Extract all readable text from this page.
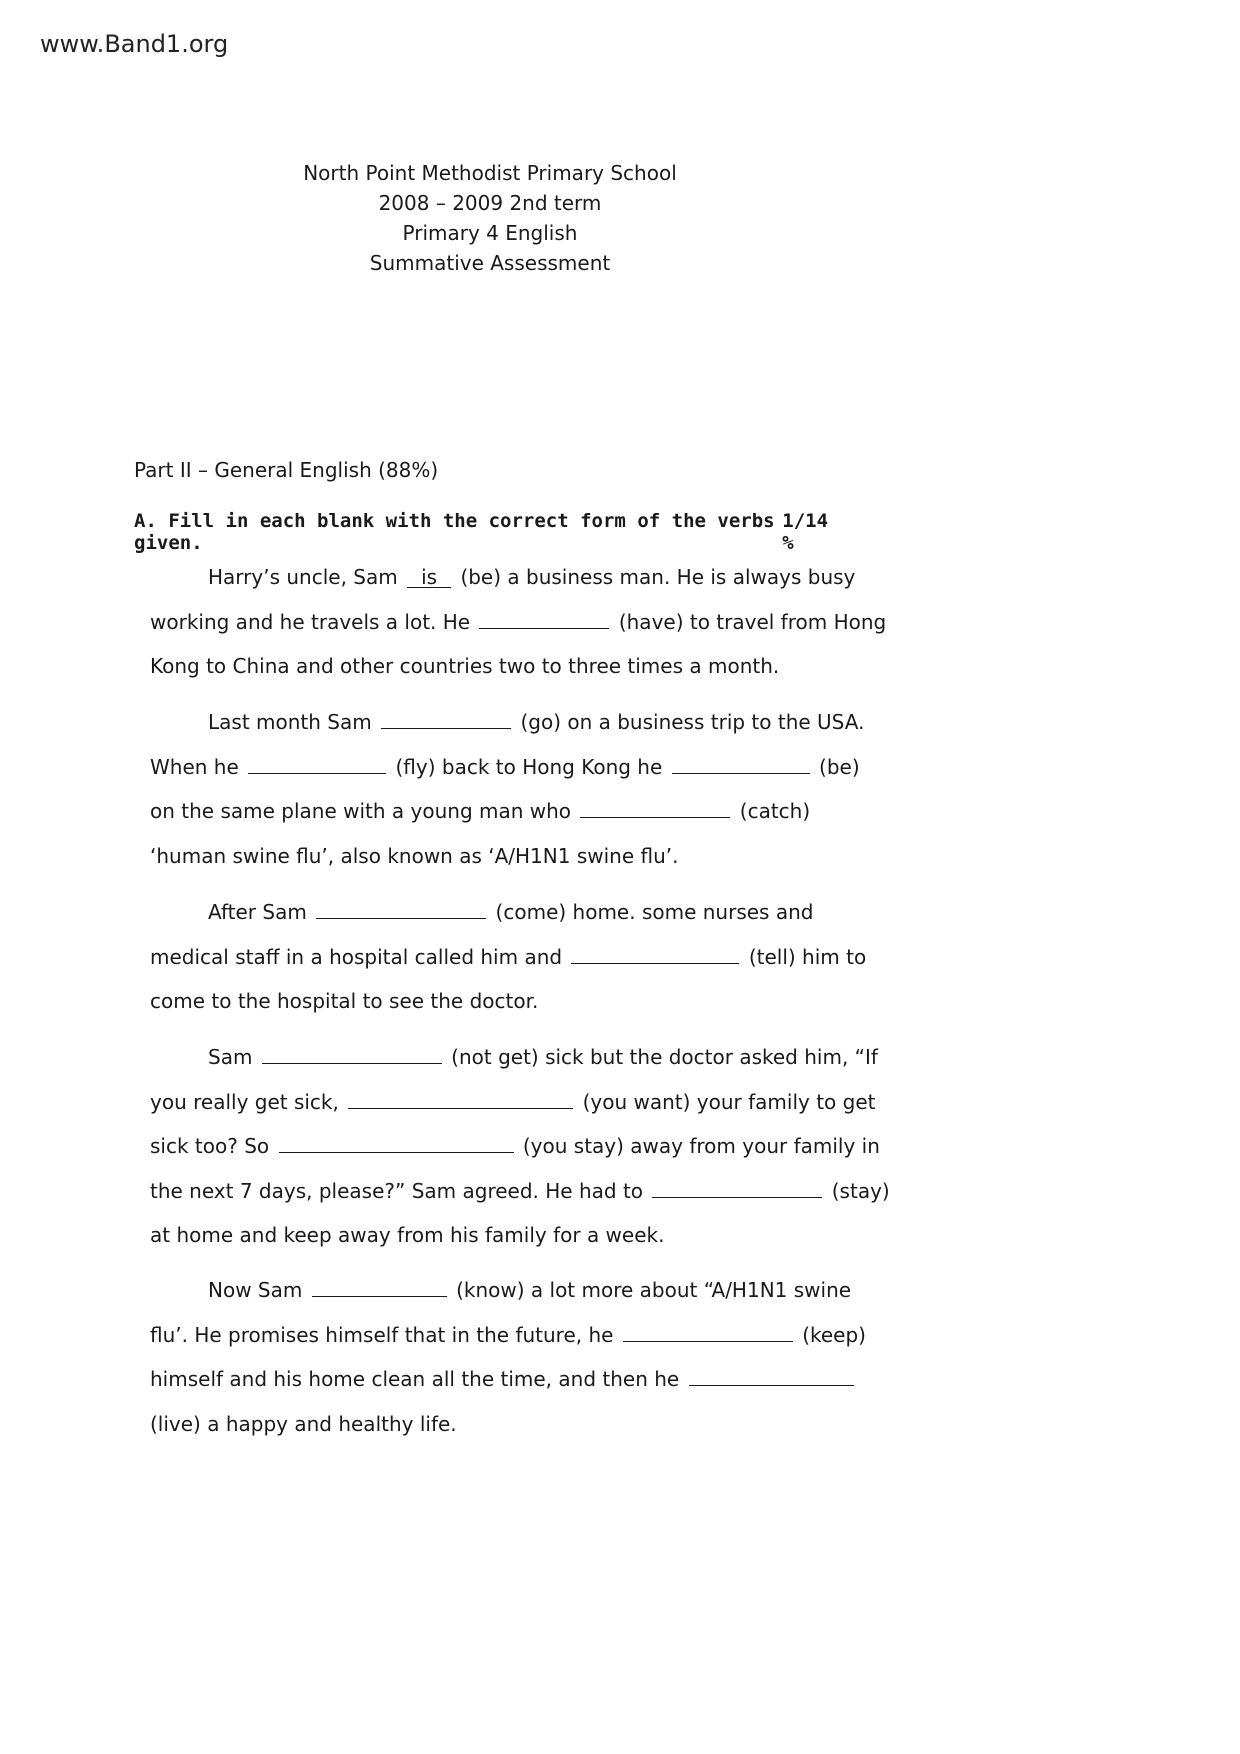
www.Band1.org
North Point Methodist Primary School
2008 – 2009 2nd term
Primary 4 English
Summative Assessment
Part II – General English (88%)
A. Fill in each blank with the correct form of the verbs given.
1/14 %
Harry’s uncle, Sam is (be) a business man. He is always busy
working and he travels a lot. He	(have) to travel from Hong
Kong to China and other countries two to three times a month.
Last month Sam	(go) on a business trip to the USA.
When he	(fly) back to Hong Kong he	(be)
on the same plane with a young man who	(catch)
‘human swine flu’, also known as ‘A/H1N1 swine flu’.
After Sam	(come) home. some nurses and
medical staff in a hospital called him and	(tell) him to
come to the hospital to see the doctor.
Sam	(not get) sick but the doctor asked him, “If
you really get sick,	(you want) your family to get
sick too? So	(you stay) away from your family in
the next 7 days, please?” Sam agreed. He had to	(stay)
at home and keep away from his family for a week.
Now Sam	(know) a lot more about “A/H1N1 swine
flu’. He promises himself that in the future, he	(keep)
himself and his home clean all the time, and then he
(live) a happy and healthy life.
